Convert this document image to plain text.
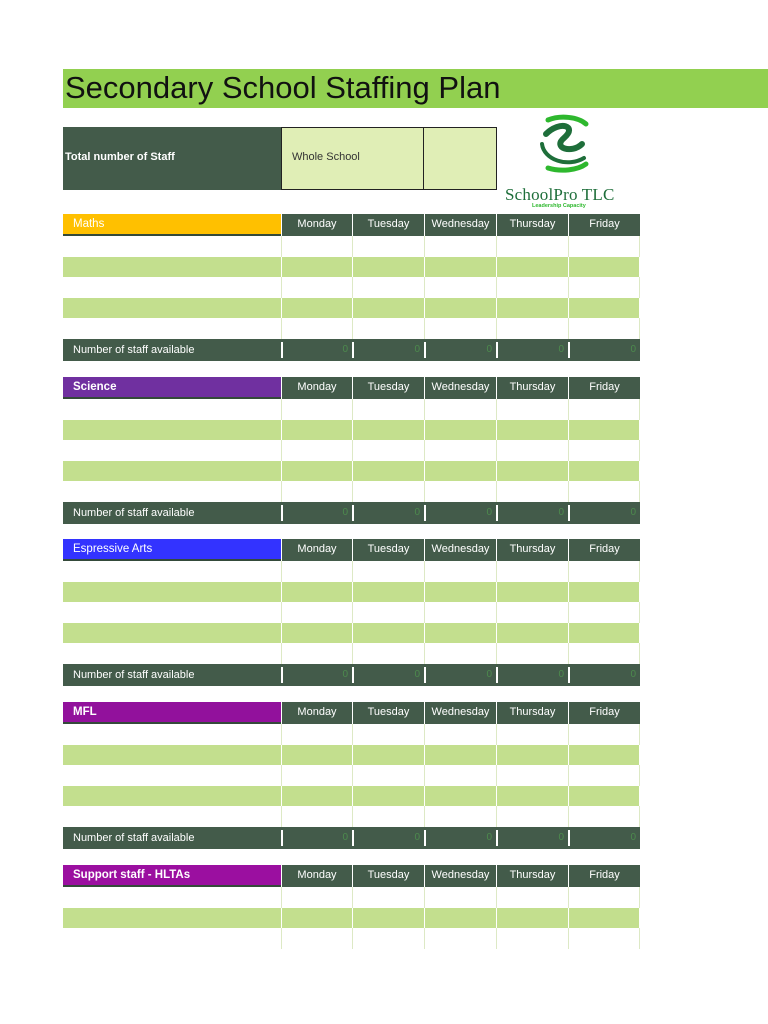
Secondary School Staffing Plan
Total number of Staff	Whole School
SchoolPro TLC
Leadership Capacity
Maths	Monday	Tuesday	Wednesday	Thursday	Friday
Number of staff available	0	0	0	0	0
Science	Monday	Tuesday	Wednesday	Thursday	Friday
Number of staff available	0	0	0	0	0
Espressive Arts	Monday	Tuesday	Wednesday	Thursday	Friday
Number of staff available	0	0	0	0	0
MFL	Monday	Tuesday	Wednesday	Thursday	Friday
Number of staff available	0	0	0	0	0
Support staff - HLTAs	Monday	Tuesday	Wednesday	Thursday	Friday
